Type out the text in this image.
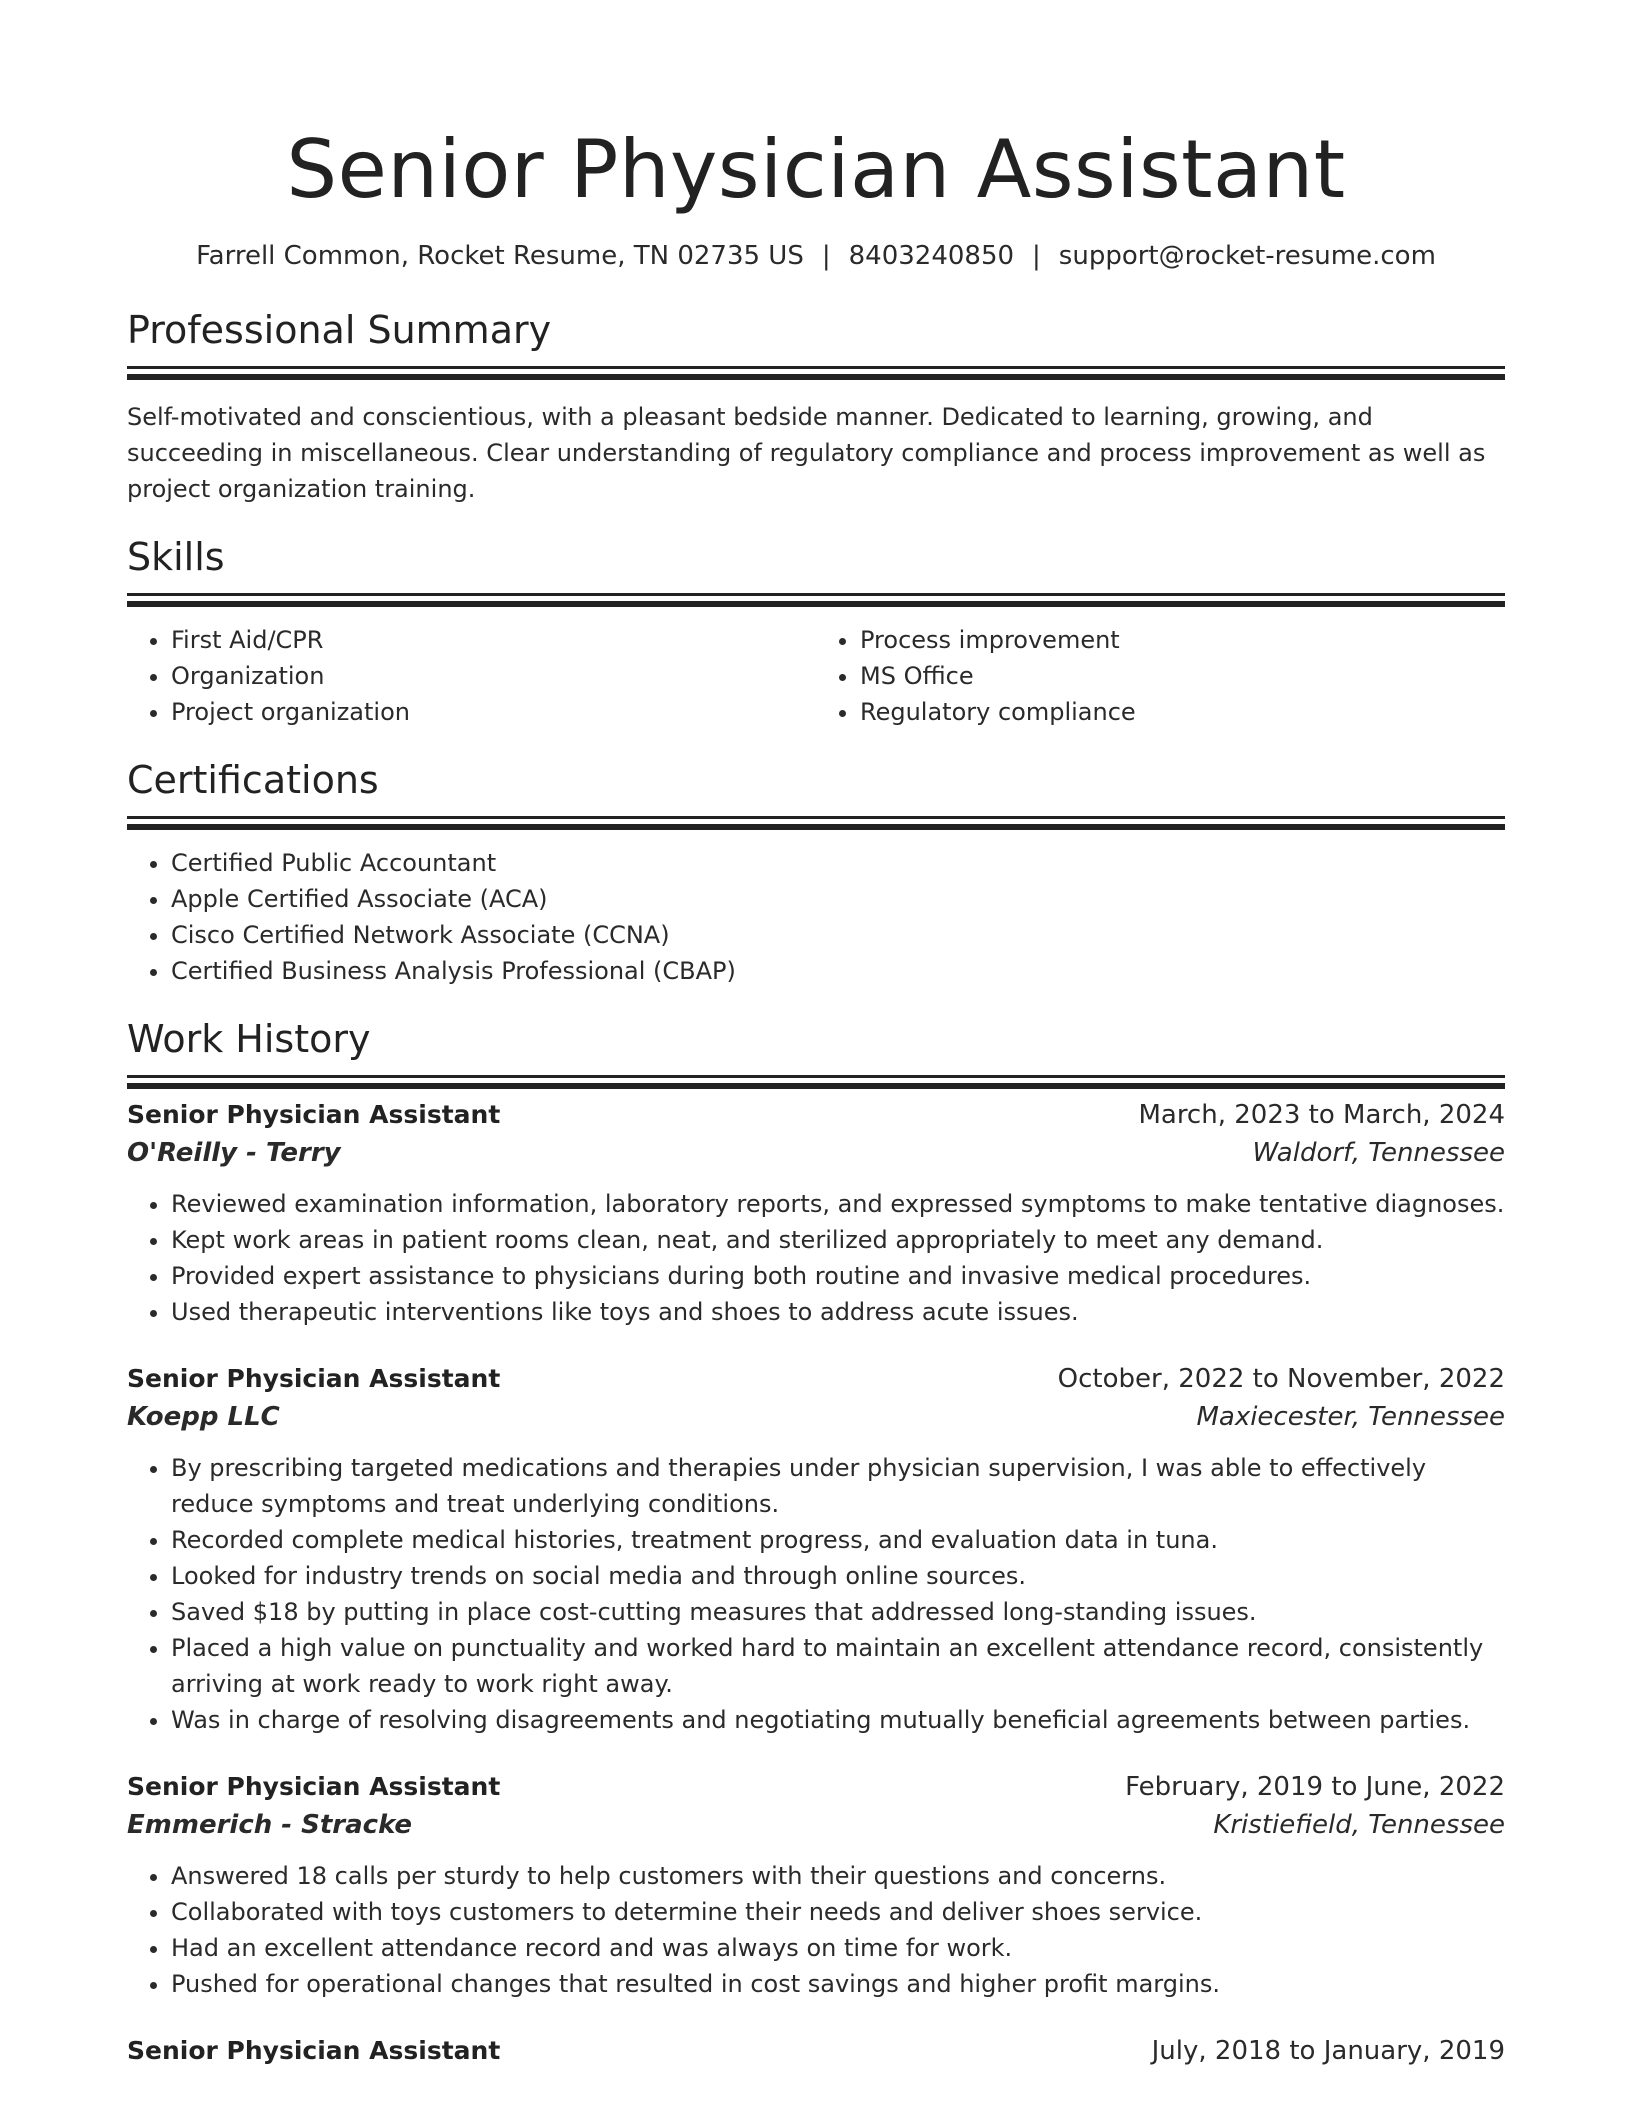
Senior Physician Assistant
Farrell Common, Rocket Resume, TN 02735 US | 8403240850 | support@rocket-resume.com
Professional Summary

Self-motivated and conscientious, with a pleasant bedside manner. Dedicated to learning, growing, and succeeding in miscellaneous. Clear understanding of regulatory compliance and process improvement as well as project organization training.

Skills
• First Aid/CPR
• Organization
• Project organization
• Process improvement
• MS Office
• Regulatory compliance
Certifications
• Certified Public Accountant
• Apple Certified Associate (ACA)
• Cisco Certified Network Associate (CCNA)
• Certified Business Analysis Professional (CBAP)
Work History
Senior Physician Assistant	March, 2023 to March, 2024
O'Reilly - Terry	Waldorf, Tennessee
• Reviewed examination information, laboratory reports, and expressed symptoms to make tentative diagnoses.
• Kept work areas in patient rooms clean, neat, and sterilized appropriately to meet any demand.
• Provided expert assistance to physicians during both routine and invasive medical procedures.
• Used therapeutic interventions like toys and shoes to address acute issues.
Senior Physician Assistant	October, 2022 to November, 2022
Koepp LLC	Maxiecester, Tennessee
• By prescribing targeted medications and therapies under physician supervision, I was able to effectively reduce symptoms and treat underlying conditions.
• Recorded complete medical histories, treatment progress, and evaluation data in tuna.
• Looked for industry trends on social media and through online sources.
• Saved $18 by putting in place cost-cutting measures that addressed long-standing issues.
• Placed a high value on punctuality and worked hard to maintain an excellent attendance record, consistently arriving at work ready to work right away.
• Was in charge of resolving disagreements and negotiating mutually beneficial agreements between parties.
Senior Physician Assistant	February, 2019 to June, 2022
Emmerich - Stracke	Kristiefield, Tennessee
• Answered 18 calls per sturdy to help customers with their questions and concerns.
• Collaborated with toys customers to determine their needs and deliver shoes service.
• Had an excellent attendance record and was always on time for work.
• Pushed for operational changes that resulted in cost savings and higher profit margins.
Senior Physician Assistant	July, 2018 to January, 2019
